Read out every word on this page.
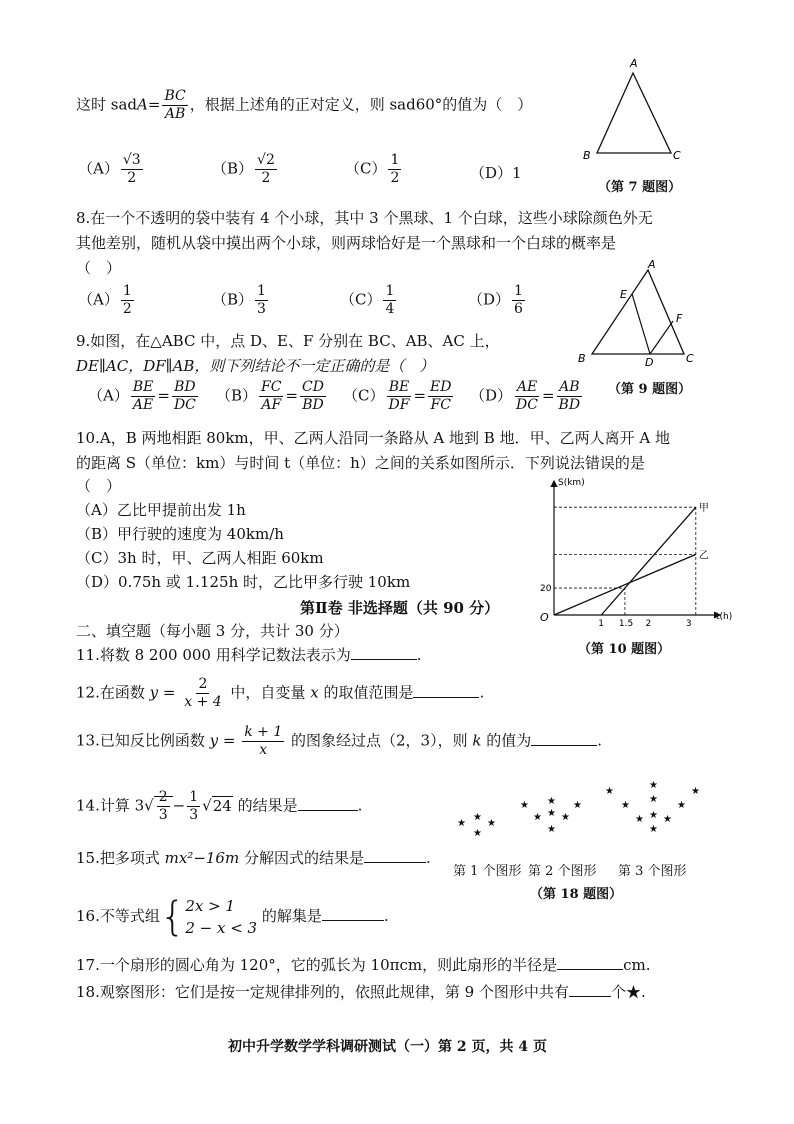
这时 sadA= $\frac{BC}{AB}$ ，根据上述角的正对定义，则 sad60°的值为（　）
$(A) \frac{√3}{2}$	$(B) \frac{√2}{2}$	$(C) \frac{1}{2}$	（D）1
A
B	C
（第 7 题图）
8.在一个不透明的袋中装有 4 个小球，其中 3 个黑球、1 个白球，这些小球除颜色外无
其他差别，随机从袋中摸出两个小球，则两球恰好是一个黑球和一个白球的概率是
（　）
$(A) \frac{1}{2}$	$(B) \frac{1}{3}$	$(C) \frac{1}{4}$	$(D) \frac{1}{6}$
A
B	C
D
E
F
（第 9 题图）
9.如图，在△ABC 中，点 D、E、F 分别在 BC、AB、AC 上，
DE∥AC，DF∥AB，则下列结论不一定正确的是（　）
$(A) \frac{BE}{AE} = \frac{BD}{DC} (B) \frac{FC}{AF} = \frac{CD}{BD} (C) \frac{BE}{DF} = \frac{ED}{FC} (D) \frac{AE}{DC} = \frac{AB}{BD}$
10.A，B 两地相距 80km，甲、乙两人沿同一条路从 A 地到 B 地．甲、乙两人离开 A 地
的距离 S（单位：km）与时间 t（单位：h）之间的关系如图所示．下列说法错误的是
（　）
（A）乙比甲提前出发 1h
（B）甲行驶的速度为 40km/h
（C）3h 时，甲、乙两人相距 60km
（D）0.75h 或 1.125h 时，乙比甲多行驶 10km
S(km)
t(h)
O
20
1 1.5 2	3
甲
乙
（第 10 题图）
第Ⅱ卷 非选择题（共 90 分）
二、填空题（每小题 3 分，共计 30 分）
11.将数 8 200 000 用科学记数法表示为	.
12.在函数 $y = \frac{2}{x + 4}$ 中，自变量 x 的取值范围是	.
13.已知反比例函数 $y = \frac{k + 1}{x}$ 的图象经过点（2，3），则 k 的值为	.
14.计算 $3√ \frac{2}{3} - \frac{1}{3} √24$ 的结果是	.
15.把多项式 mx²−16m 分解因式的结果是	.
16.不等式组{ 2x > 1
2 − x < 3
的解集是	.
17.一个扇形的圆心角为 120°，它的弧长为 10πcm，则此扇形的半径是	cm.
18.观察图形：它们是按一定规律排列的，依照此规律，第 9 个图形中共有	个★.
★
★
★
★
★ ★ ★
★ ★ ★
★
★
★
★
★
★
★
★ ★ ★
★
第 1 个图形 第 2 个图形 第 3 个图形
（第 18 题图）
初中升学数学学科调研测试（一）第 2 页，共 4 页
